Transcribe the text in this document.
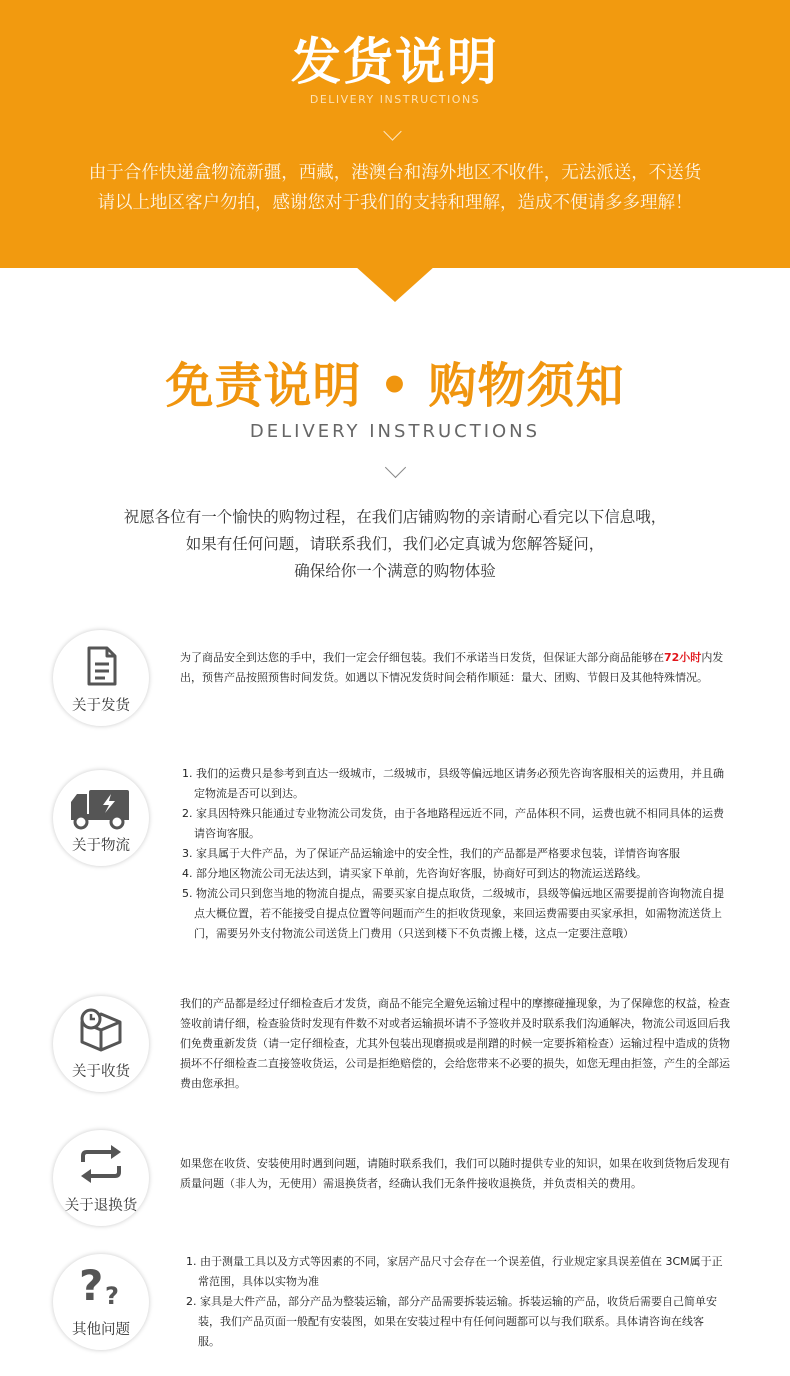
发货说明
DELIVERY INSTRUCTIONS
由于合作快递盒物流新疆，西藏，港澳台和海外地区不收件，无法派送，不送货
请以上地区客户勿拍，感谢您对于我们的支持和理解，造成不便请多多理解！
免责说明 • 购物须知
DELIVERY INSTRUCTIONS
祝愿各位有一个愉快的购物过程，在我们店铺购物的亲请耐心看完以下信息哦，
如果有任何问题，请联系我们，我们必定真诚为您解答疑问，
确保给你一个满意的购物体验
关于发货

为了商品安全到达您的手中，我们一定会仔细包装。我们不承诺当日发货，但保证大部分商品能够在72小时内发出，预售产品按照预售时间发货。如遇以下情况发货时间会稍作顺延：量大、团购、节假日及其他特殊情况。

关于物流

1. 我们的运费只是参考到直达一级城市，二级城市，县级等偏远地区请务必预先咨询客服相关的运费用，并且确定物流是否可以到达。

2. 家具因特殊只能通过专业物流公司发货，由于各地路程远近不同，产品体积不同，运费也就不相同具体的运费请咨询客服。

3. 家具属于大件产品，为了保证产品运输途中的安全性，我们的产品都是严格要求包装，详情咨询客服

4. 部分地区物流公司无法达到，请买家下单前，先咨询好客服，协商好可到达的物流运送路线。

5. 物流公司只到您当地的物流自提点，需要买家自提点取货，二级城市，县级等偏远地区需要提前咨询物流自提点大概位置，若不能接受自提点位置等问题而产生的拒收货现象，来回运费需要由买家承担，如需物流送货上门，需要另外支付物流公司送货上门费用（只送到楼下不负责搬上楼，这点一定要注意哦）

关于收货

我们的产品都是经过仔细检查后才发货，商品不能完全避免运输过程中的摩擦碰撞现象，为了保障您的权益，检查签收前请仔细，检查验货时发现有件数不对或者运输损坏请不予签收并及时联系我们沟通解决，物流公司返回后我们免费重新发货（请一定仔细检查，尤其外包装出现磨损或是削蹭的时候一定要拆箱检查）运输过程中造成的货物损坏不仔细检查二直接签收货运，公司是拒绝赔偿的，会给您带来不必要的损失，如您无理由拒签，产生的全部运费由您承担。

关于退换货

如果您在收货、安装使用时遇到问题，请随时联系我们，我们可以随时提供专业的知识，如果在收到货物后发现有质量问题（非人为，无使用）需退换货者，经确认我们无条件接收退换货，并负责相关的费用。

? ?
其他问题

1. 由于测量工具以及方式等因素的不同，家居产品尺寸会存在一个误差值，行业规定家具误差值在 3CM属于正常范围，具体以实物为准

2. 家具是大件产品，部分产品为整装运输，部分产品需要拆装运输。拆装运输的产品，收货后需要自己简单安装，我们产品页面一般配有安装图，如果在安装过程中有任何问题都可以与我们联系。具体请咨询在线客服。
